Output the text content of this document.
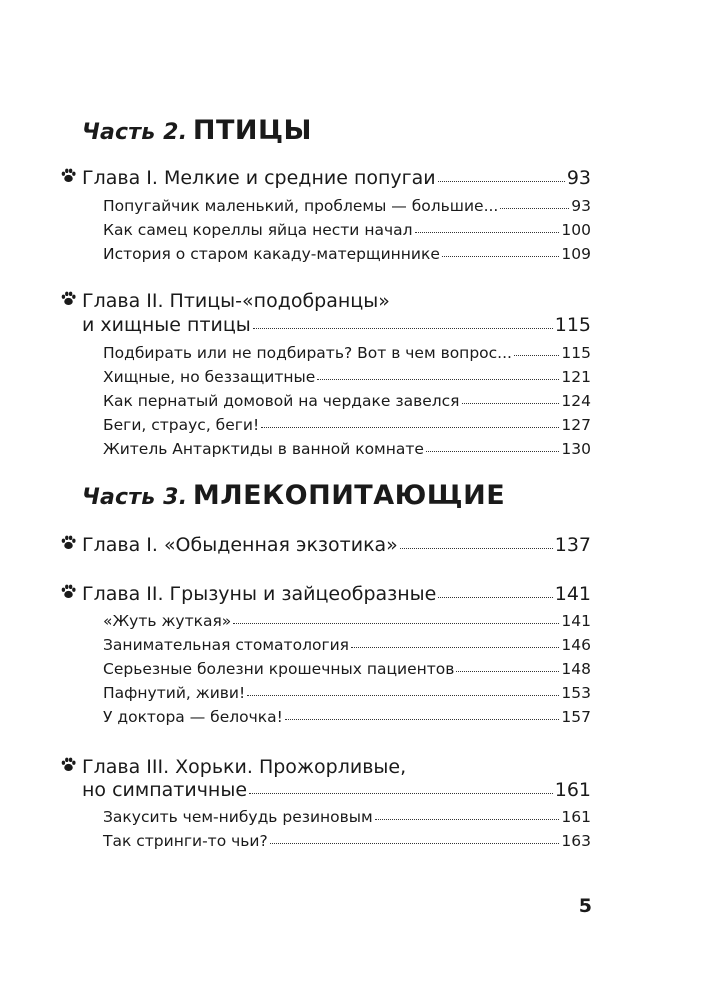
Часть 2. ПТИЦЫ
Глава I. Мелкие и средние попугаи	93
Попугайчик маленький, проблемы — большие...	93
Как самец кореллы яйца нести начал	100
История о старом какаду-матерщиннике	109
Глава II. Птицы-«подобранцы»
и хищные птицы	115
Подбирать или не подбирать? Вот в чем вопрос...	115
Хищные, но беззащитные	121
Как пернатый домовой на чердаке завелся	124
Беги, страус, беги!	127
Житель Антарктиды в ванной комнате	130
Часть 3. МЛЕКОПИТАЮЩИЕ
Глава I. «Обыденная экзотика»	137
Глава II. Грызуны и зайцеобразные	141
«Жуть жуткая»	141
Занимательная стоматология	146
Серьезные болезни крошечных пациентов	148
Пафнутий, живи!	153
У доктора — белочка!	157
Глава III. Хорьки. Прожорливые,
но симпатичные	161
Закусить чем-нибудь резиновым	161
Так стринги-то чьи?	163
5
